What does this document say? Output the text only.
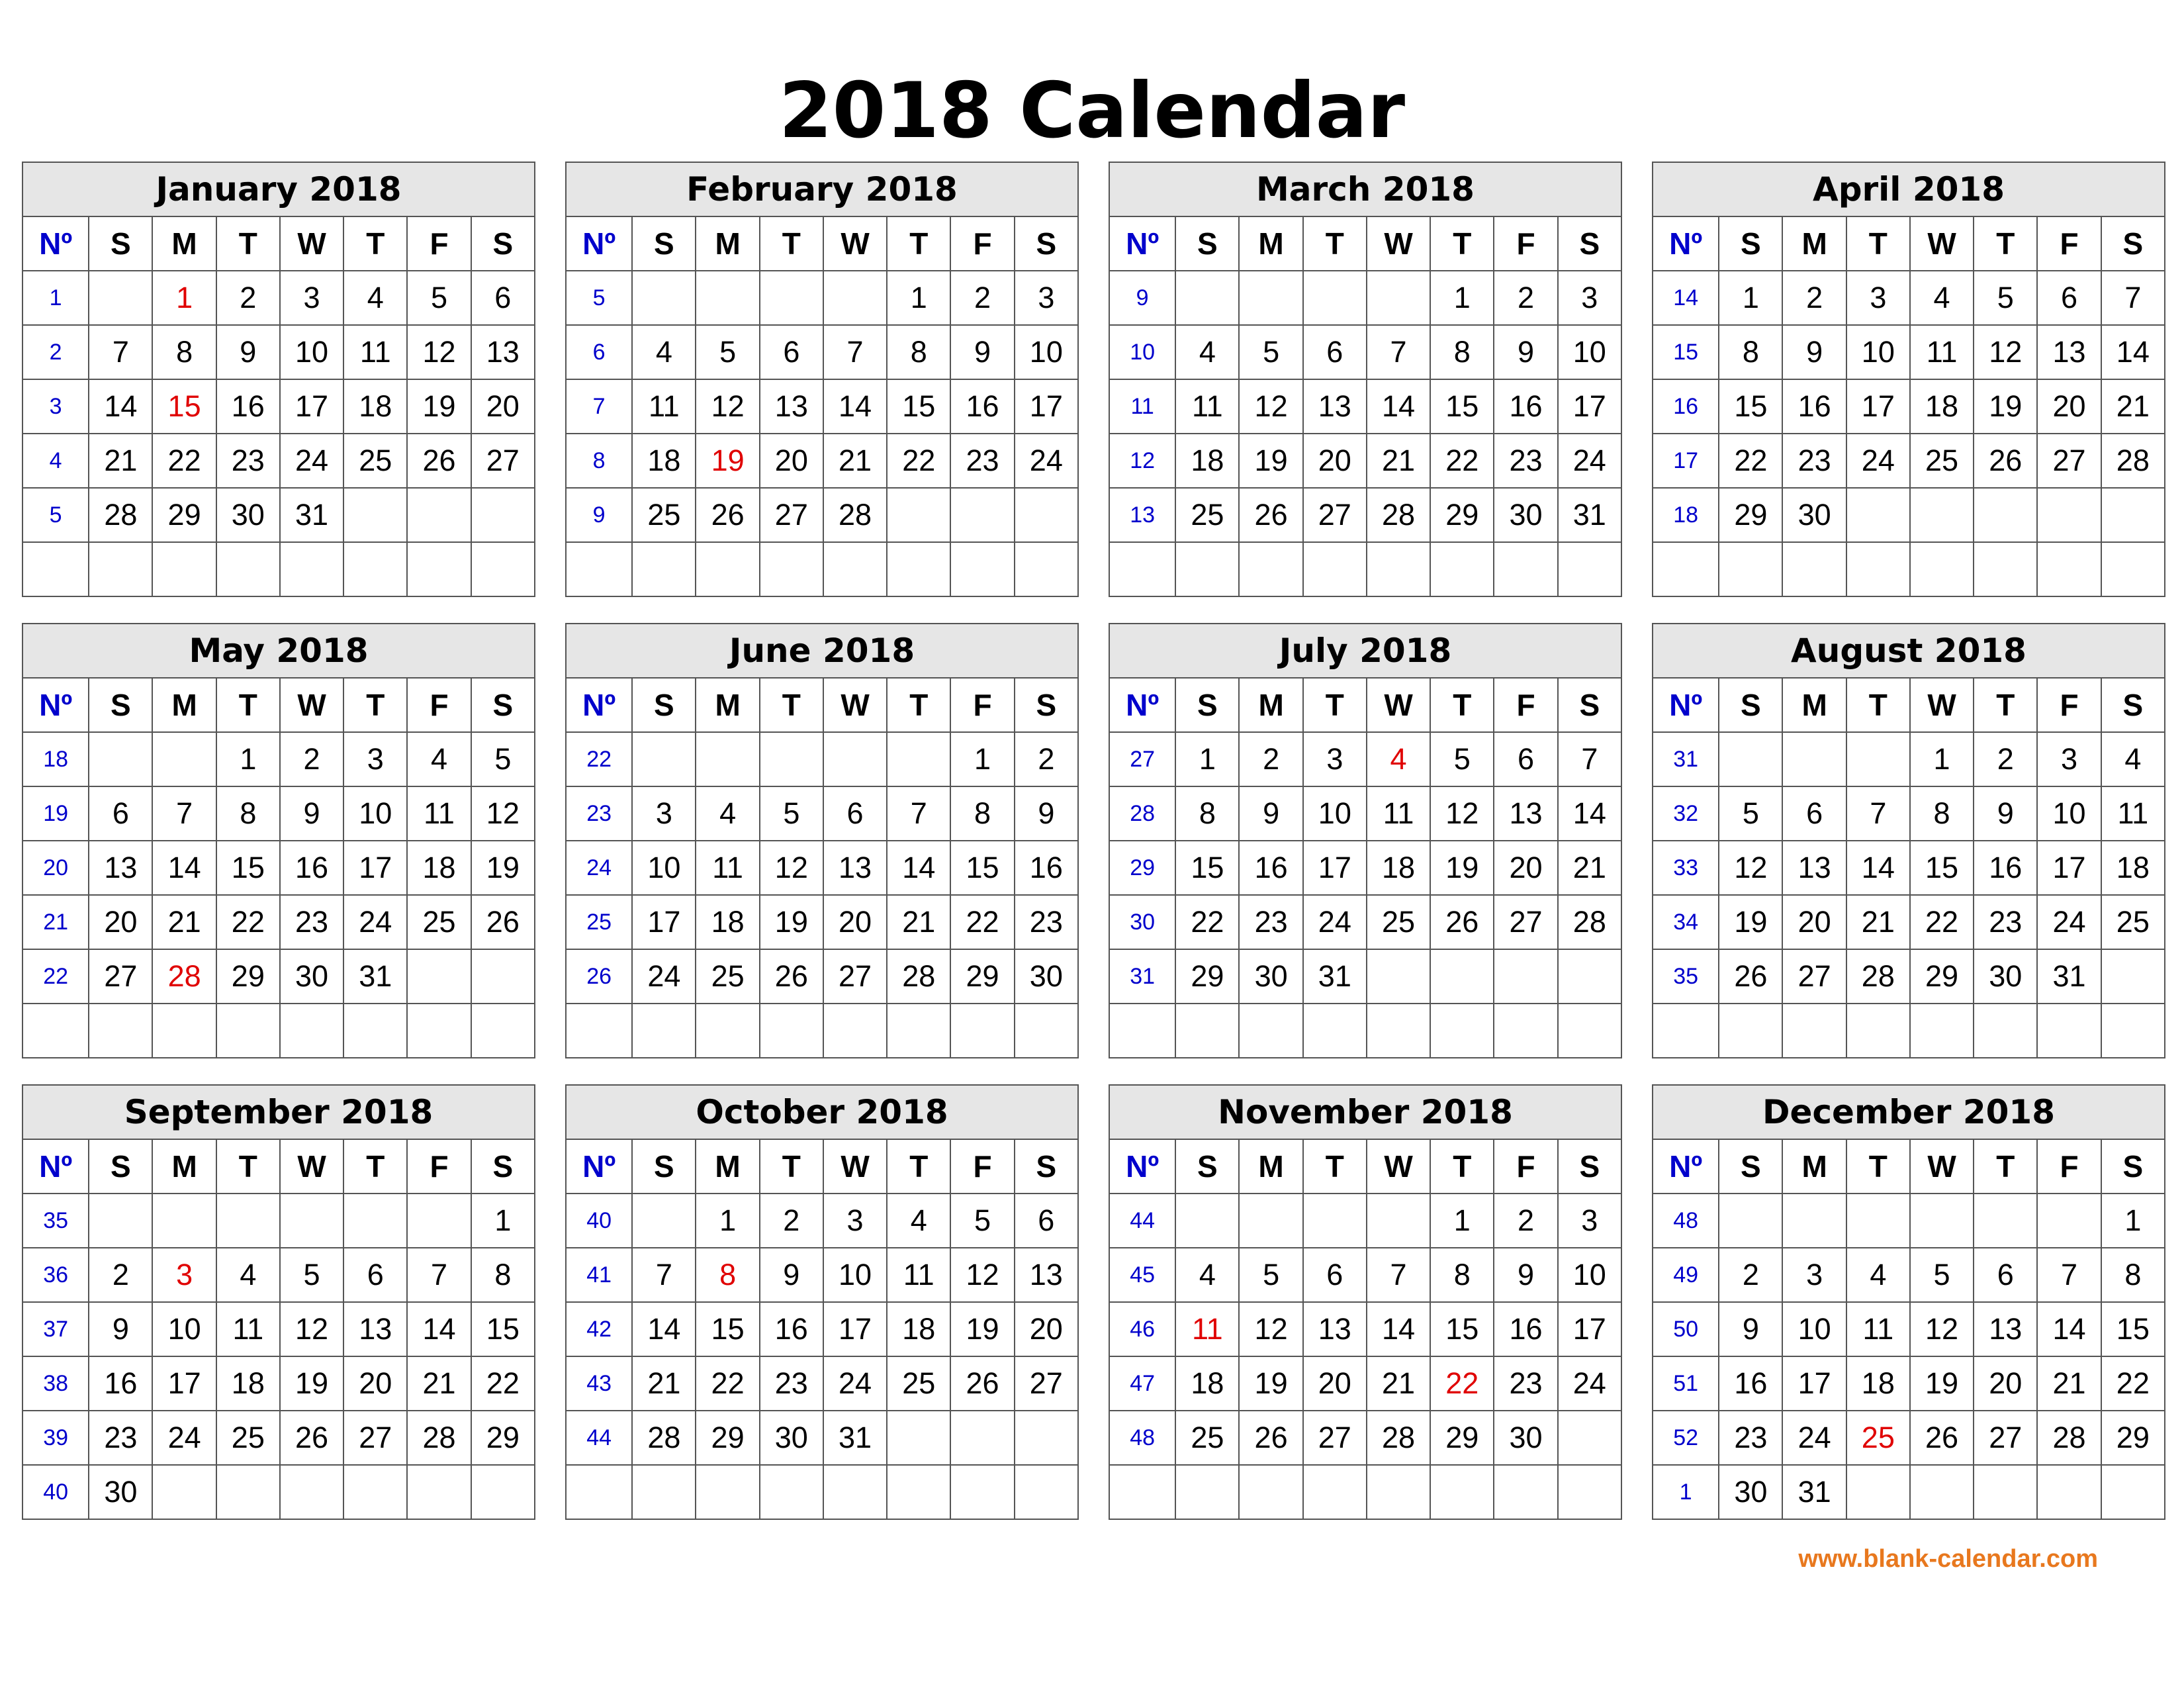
2018 Calendar
January 2018							
Nº	S	M	T	W	T	F	S
1		1	2	3	4	5	6
2	7	8	9	10	11	12	13
3	14	15	16	17	18	19	20
4	21	22	23	24	25	26	27
5	28	29	30	31			

February 2018							
Nº	S	M	T	W	T	F	S
5					1	2	3
6	4	5	6	7	8	9	10
7	11	12	13	14	15	16	17
8	18	19	20	21	22	23	24
9	25	26	27	28			

March 2018							
Nº	S	M	T	W	T	F	S
9					1	2	3
10	4	5	6	7	8	9	10
11	11	12	13	14	15	16	17
12	18	19	20	21	22	23	24
13	25	26	27	28	29	30	31

April 2018							
Nº	S	M	T	W	T	F	S
14	1	2	3	4	5	6	7
15	8	9	10	11	12	13	14
16	15	16	17	18	19	20	21
17	22	23	24	25	26	27	28
18	29	30					

May 2018							
Nº	S	M	T	W	T	F	S
18			1	2	3	4	5
19	6	7	8	9	10	11	12
20	13	14	15	16	17	18	19
21	20	21	22	23	24	25	26
22	27	28	29	30	31		

June 2018							
Nº	S	M	T	W	T	F	S
22						1	2
23	3	4	5	6	7	8	9
24	10	11	12	13	14	15	16
25	17	18	19	20	21	22	23
26	24	25	26	27	28	29	30

July 2018							
Nº	S	M	T	W	T	F	S
27	1	2	3	4	5	6	7
28	8	9	10	11	12	13	14
29	15	16	17	18	19	20	21
30	22	23	24	25	26	27	28
31	29	30	31				

August 2018							
Nº	S	M	T	W	T	F	S
31				1	2	3	4
32	5	6	7	8	9	10	11
33	12	13	14	15	16	17	18
34	19	20	21	22	23	24	25
35	26	27	28	29	30	31	

September 2018							
Nº	S	M	T	W	T	F	S
35							1
36	2	3	4	5	6	7	8
37	9	10	11	12	13	14	15
38	16	17	18	19	20	21	22
39	23	24	25	26	27	28	29
40	30						
October 2018							
Nº	S	M	T	W	T	F	S
40		1	2	3	4	5	6
41	7	8	9	10	11	12	13
42	14	15	16	17	18	19	20
43	21	22	23	24	25	26	27
44	28	29	30	31			

November 2018							
Nº	S	M	T	W	T	F	S
44					1	2	3
45	4	5	6	7	8	9	10
46	11	12	13	14	15	16	17
47	18	19	20	21	22	23	24
48	25	26	27	28	29	30	

December 2018							
Nº	S	M	T	W	T	F	S
48							1
49	2	3	4	5	6	7	8
50	9	10	11	12	13	14	15
51	16	17	18	19	20	21	22
52	23	24	25	26	27	28	29
1	30	31					
www.blank-calendar.com
